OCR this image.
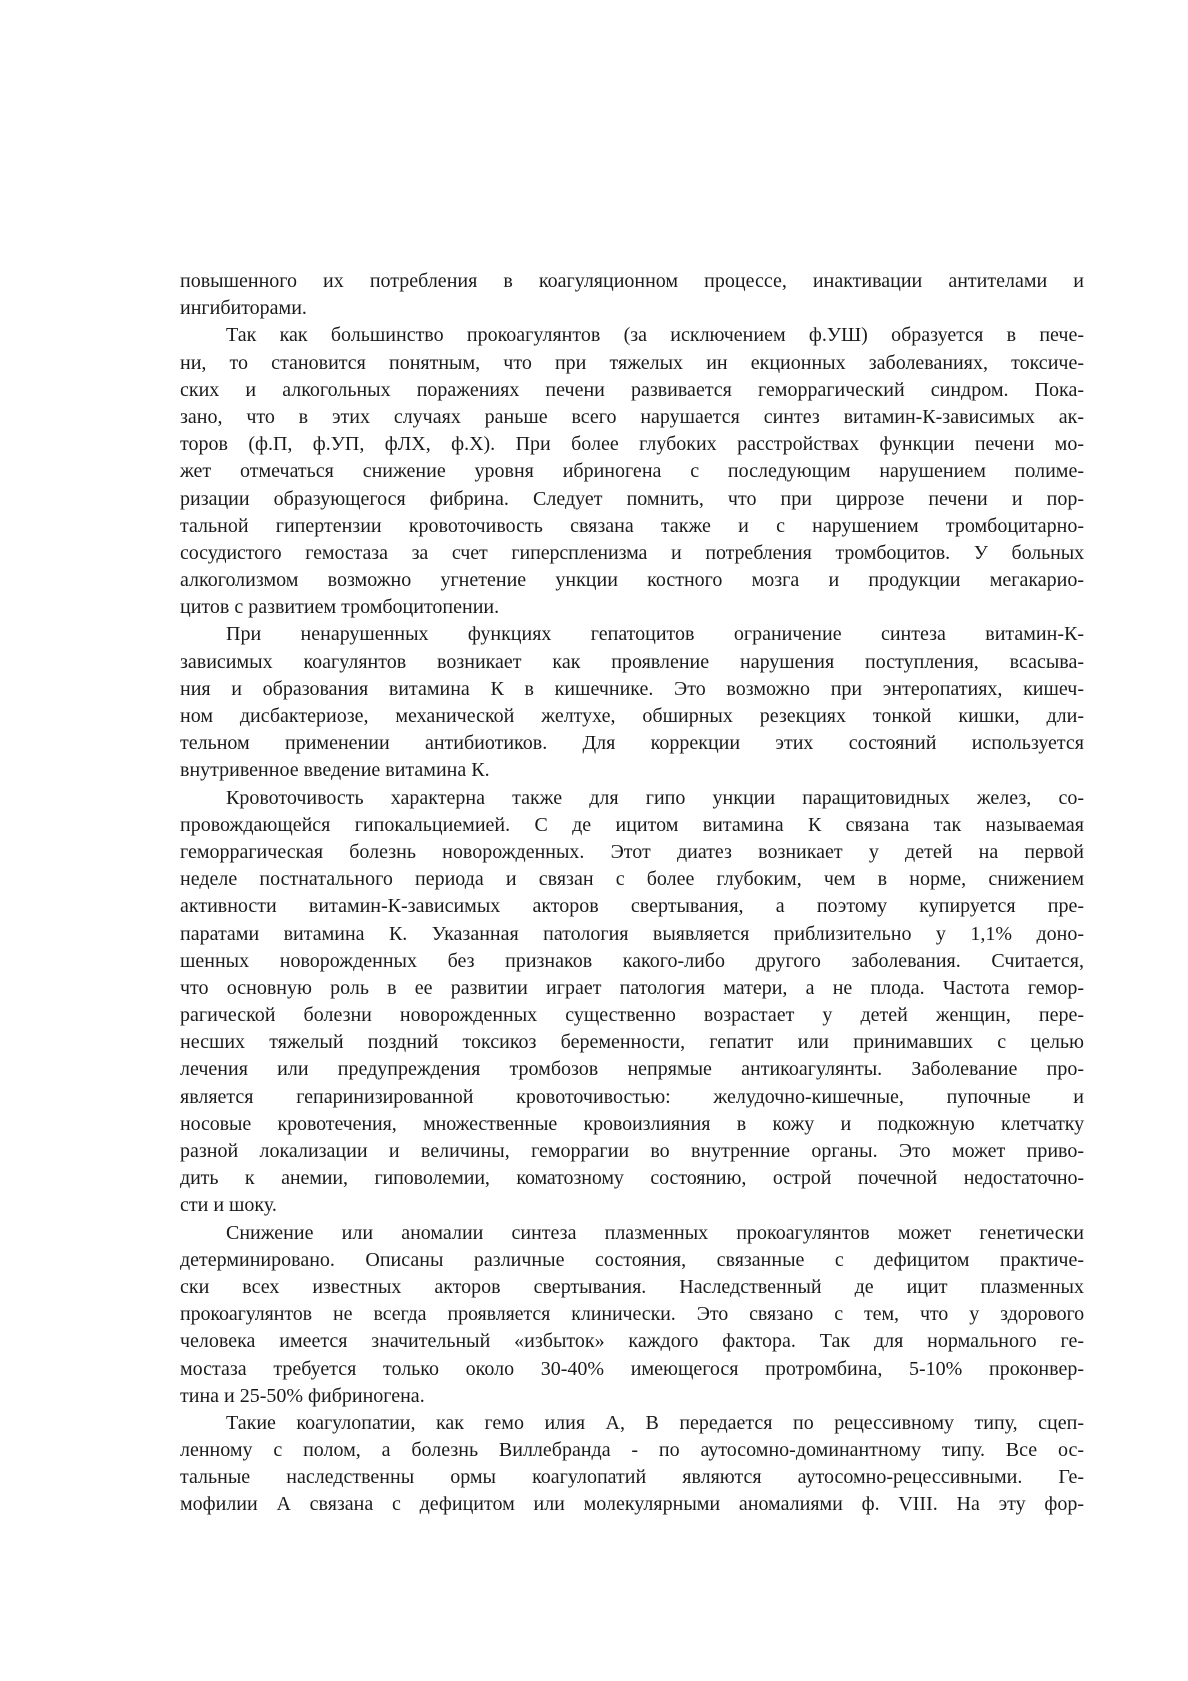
повышенного их потребления в коагуляционном процессе, инактивации антителами и
ингибиторами.
Так как большинство прокоагулянтов (за исключением ф.УШ) образуется в пече-
ни, то становится понятным, что при тяжелых ин екционных заболеваниях, токсиче-
ских и алкогольных поражениях печени развивается геморрагический синдром. Пока-
зано, что в этих случаях раньше всего нарушается синтез витамин-К-зависимых ак-
торов (ф.П, ф.УП, фЛХ, ф.Х). При более глубоких расстройствах функции печени мо-
жет отмечаться снижение уровня ибриногена с последующим нарушением полиме-
ризации образующегося фибрина. Следует помнить, что при циррозе печени и пор-
тальной гипертензии кровоточивость связана также и с нарушением тромбоцитарно-
сосудистого гемостаза за счет гиперспленизма и потребления тромбоцитов. У больных
алкоголизмом возможно угнетение ункции костного мозга и продукции мегакарио-
цитов с развитием тромбоцитопении.
При ненарушенных функциях гепатоцитов ограничение синтеза витамин-К-
зависимых коагулянтов возникает как проявление нарушения поступления, всасыва-
ния и образования витамина К в кишечнике. Это возможно при энтеропатиях, кишеч-
ном дисбактериозе, механической желтухе, обширных резекциях тонкой кишки, дли-
тельном применении антибиотиков. Для коррекции этих состояний используется
внутривенное введение витамина К.
Кровоточивость характерна также для гипо ункции паращитовидных желез, со-
провождающейся гипокальциемией. С де ицитом витамина К связана так называемая
геморрагическая болезнь новорожденных. Этот диатез возникает у детей на первой
неделе постнатального периода и связан с более глубоким, чем в норме, снижением
активности витамин-К-зависимых акторов свертывания, а поэтому купируется пре-
паратами витамина К. Указанная патология выявляется приблизительно у 1,1% доно-
шенных новорожденных без признаков какого-либо другого заболевания. Считается,
что основную роль в ее развитии играет патология матери, а не плода. Частота гемор-
рагической болезни новорожденных существенно возрастает у детей женщин, пере-
несших тяжелый поздний токсикоз беременности, гепатит или принимавших с целью
лечения или предупреждения тромбозов непрямые антикоагулянты. Заболевание про-
является гепаринизированной кровоточивостью: желудочно-кишечные, пупочные и
носовые кровотечения, множественные кровоизлияния в кожу и подкожную клетчатку
разной локализации и величины, геморрагии во внутренние органы. Это может приво-
дить к анемии, гиповолемии, коматозному состоянию, острой почечной недостаточно-
сти и шоку.
Снижение или аномалии синтеза плазменных прокоагулянтов может генетически
детерминировано. Описаны различные состояния, связанные с дефицитом практиче-
ски всех известных акторов свертывания. Наследственный де ицит плазменных
прокоагулянтов не всегда проявляется клинически. Это связано с тем, что у здорового
человека имеется значительный «избыток» каждого фактора. Так для нормального ге-
мостаза требуется только около 30-40% имеющегося протромбина, 5-10% проконвер-
тина и 25-50% фибриногена.
Такие коагулопатии, как гемо илия А, В передается по рецессивному типу, сцеп-
ленному с полом, а болезнь Виллебранда - по аутосомно-доминантному типу. Все ос-
тальные наследственны ормы коагулопатий являются аутосомно-рецессивными. Ге-
мофилии А связана с дефицитом или молекулярными аномалиями ф. VIII. На эту фор-
